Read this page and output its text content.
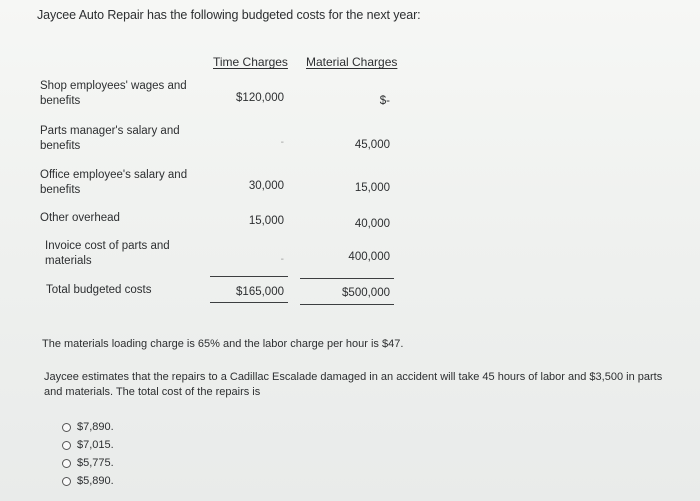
Jaycee Auto Repair has the following budgeted costs for the next year:
Time Charges Material Charges
Shop employees' wages and benefits	$120,000	$-
Parts manager's salary and benefits	-	45,000
Office employee's salary and benefits	30,000	15,000
Other overhead	15,000	40,000
Invoice cost of parts and materials	-	400,000
Total budgeted costs	$165,000	$500,000
The materials loading charge is 65% and the labor charge per hour is $47.
Jaycee estimates that the repairs to a Cadillac Escalade damaged in an accident will take 45 hours of labor and $3,500 in parts and materials. The total cost of the repairs is
$7,890.
$7,015.
$5,775.
$5,890.
